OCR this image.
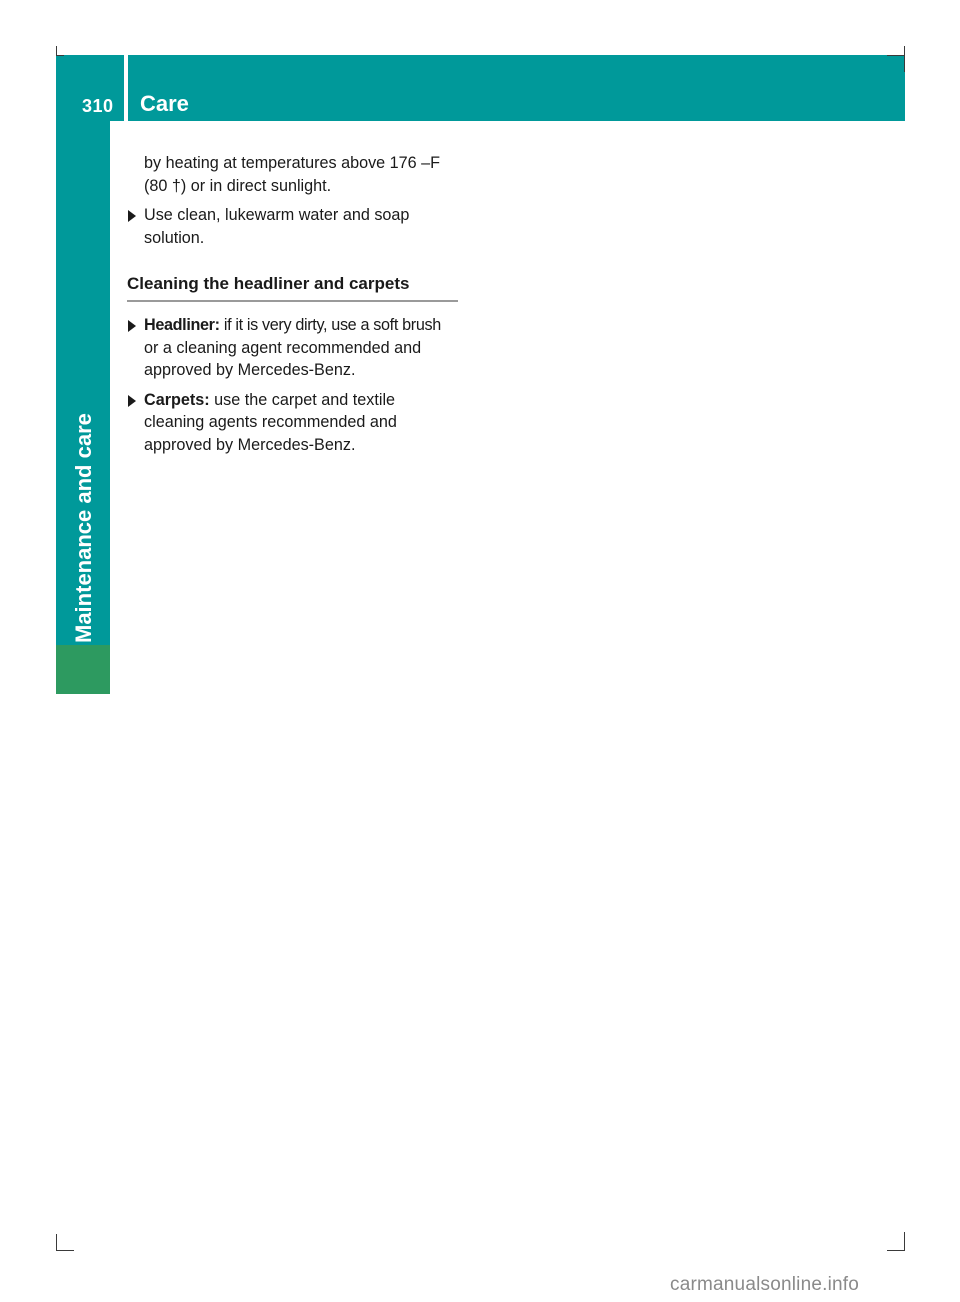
310	Care
Maintenance and care

by heating at temperatures above 176 ‒F
(80 †) or in direct sunlight.

Use clean, lukewarm water and soap
solution.

Cleaning the headliner and carpets

Headliner: if it is very dirty, use a soft brush
or a cleaning agent recommended and
approved by Mercedes-Benz.

Carpets: use the carpet and textile
cleaning agents recommended and
approved by Mercedes-Benz.

carmanualsonline.info
